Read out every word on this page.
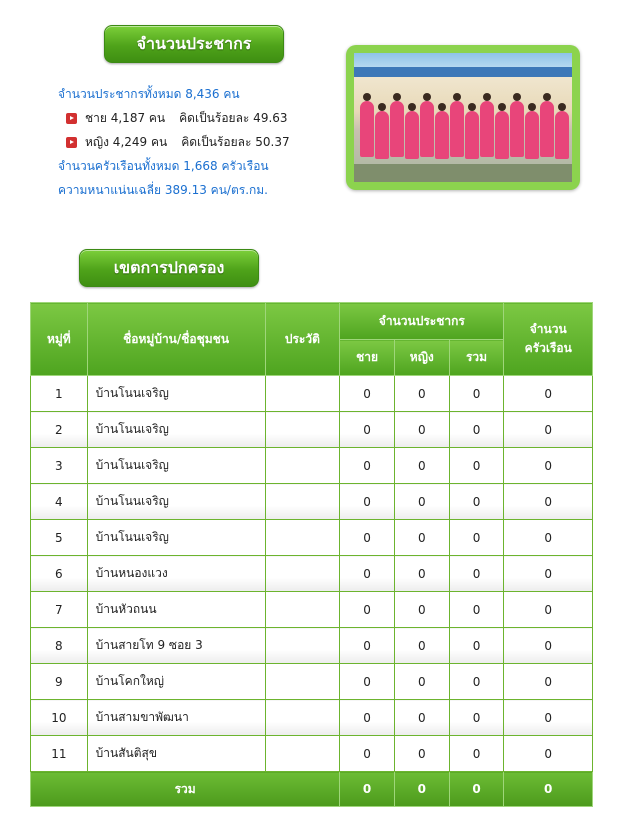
จำนวนประชากร
จำนวนประชากรทั้งหมด 8,436 คน
ชาย 4,187 คน คิดเป็นร้อยละ 49.63
หญิง 4,249 คน คิดเป็นร้อยละ 50.37
จำนวนครัวเรือนทั้งหมด 1,668 ครัวเรือน
ความหนาแน่นเฉลี่ย 389.13 คน/ตร.กม.
เขตการปกครอง
หมู่ที่	ชื่อหมู่บ้าน/ชื่อชุมชน	ประวัติ	จำนวนประชากร			จำนวน
ครัวเรือน
			ชาย	หญิง	รวม	
1	บ้านโนนเจริญ		0	0	0	0
2	บ้านโนนเจริญ		0	0	0	0
3	บ้านโนนเจริญ		0	0	0	0
4	บ้านโนนเจริญ		0	0	0	0
5	บ้านโนนเจริญ		0	0	0	0
6	บ้านหนองแวง		0	0	0	0
7	บ้านหัวถนน		0	0	0	0
8	บ้านสายโท 9 ซอย 3		0	0	0	0
9	บ้านโคกใหญ่		0	0	0	0
10	บ้านสามขาพัฒนา		0	0	0	0
11	บ้านสันติสุข		0	0	0	0
รวม			0	0	0	0
